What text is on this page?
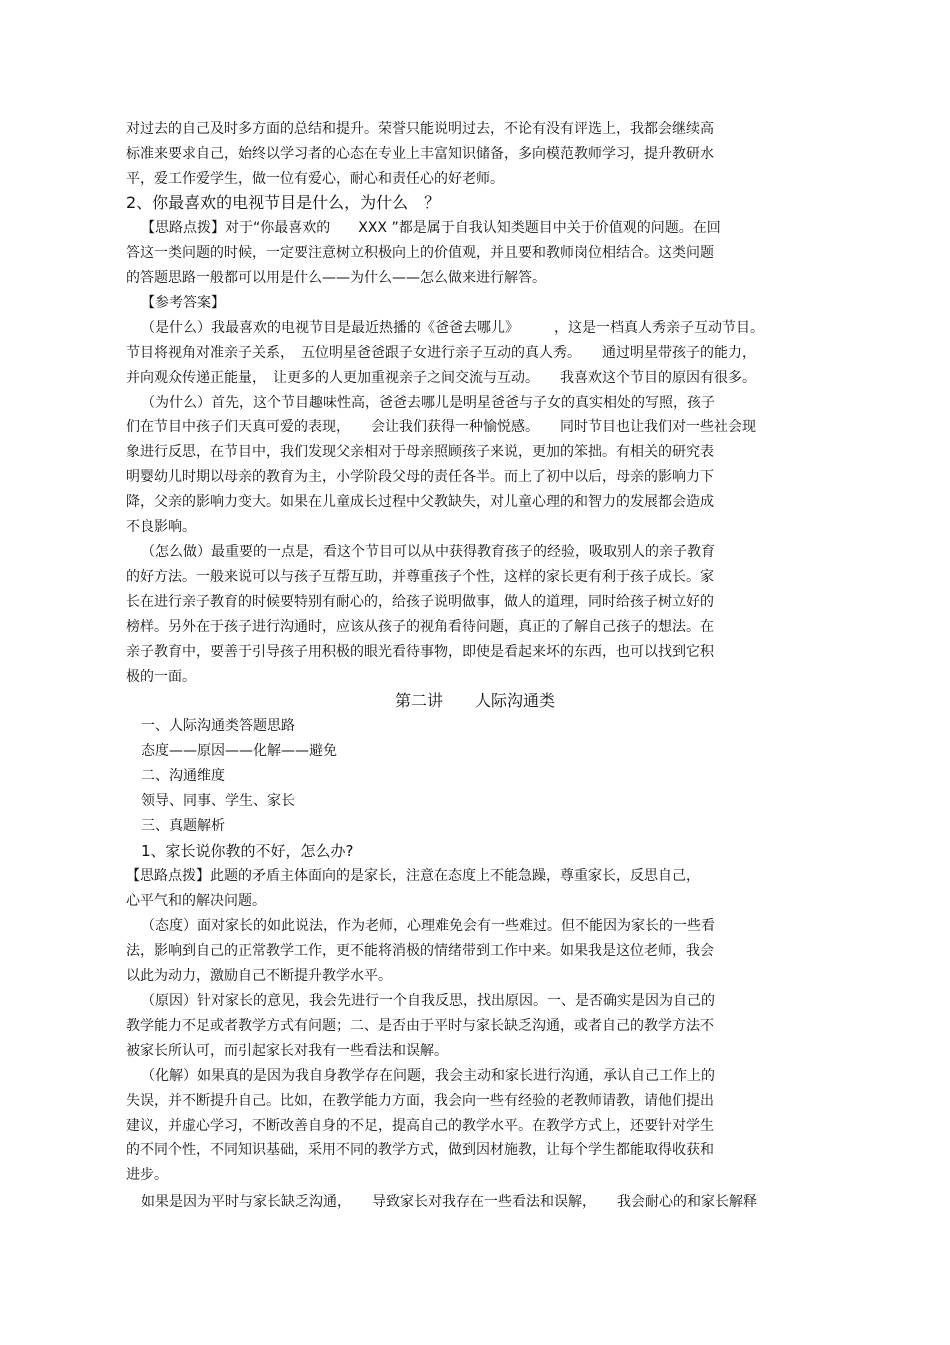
对过去的自己及时多方面的总结和提升。荣誉只能说明过去，不论有没有评选上，我都会继续高
标准来要求自己，始终以学习者的心态在专业上丰富知识储备，多向模范教师学习，提升教研水
平，爱工作爱学生，做一位有爱心，耐心和责任心的好老师。
2、你最喜欢的电视节目是什么，为什么　？
【思路点拨】对于“你最喜欢的　　XXX ”都是属于自我认知类题目中关于价值观的问题。在回
答这一类问题的时候，一定要注意树立积极向上的价值观，并且要和教师岗位相结合。这类问题
的答题思路一般都可以用是什么——为什么——怎么做来进行解答。
【参考答案】
（是什么）我最喜欢的电视节目是最近热播的《爸爸去哪儿》　　　，这是一档真人秀亲子互动节目。
节目将视角对准亲子关系，　五位明星爸爸跟子女进行亲子互动的真人秀。　　通过明星带孩子的能力，
并向观众传递正能量，　让更多的人更加重视亲子之间交流与互动。　　我喜欢这个节目的原因有很多。
（为什么）首先，这个节目趣味性高，爸爸去哪儿是明星爸爸与子女的真实相处的写照，孩子
们在节目中孩子们天真可爱的表现，　　会让我们获得一种愉悦感。　　同时节目也让我们对一些社会现
象进行反思，在节目中，我们发现父亲相对于母亲照顾孩子来说，更加的笨拙。有相关的研究表
明婴幼儿时期以母亲的教育为主，小学阶段父母的责任各半。而上了初中以后，母亲的影响力下
降，父亲的影响力变大。如果在儿童成长过程中父教缺失，对儿童心理的和智力的发展都会造成
不良影响。
（怎么做）最重要的一点是，看这个节目可以从中获得教育孩子的经验，吸取别人的亲子教育
的好方法。一般来说可以与孩子互帮互助，并尊重孩子个性，这样的家长更有利于孩子成长。家
长在进行亲子教育的时候要特别有耐心的，给孩子说明做事，做人的道理，同时给孩子树立好的
榜样。另外在于孩子进行沟通时，应该从孩子的视角看待问题，真正的了解自己孩子的想法。在
亲子教育中，要善于引导孩子用积极的眼光看待事物，即使是看起来坏的东西，也可以找到它积
极的一面。
第二讲　　人际沟通类
一、人际沟通类答题思路
态度——原因——化解——避免
二、沟通维度
领导、同事、学生、家长
三、真题解析
1、家长说你教的不好，怎么办?
【思路点拨】此题的矛盾主体面向的是家长，注意在态度上不能急躁，尊重家长，反思自己，
心平气和的解决问题。
（态度）面对家长的如此说法，作为老师，心理难免会有一些难过。但不能因为家长的一些看
法，影响到自己的正常教学工作，更不能将消极的情绪带到工作中来。如果我是这位老师，我会
以此为动力，激励自己不断提升教学水平。
（原因）针对家长的意见，我会先进行一个自我反思，找出原因。一、是否确实是因为自己的
教学能力不足或者教学方式有问题；二、是否由于平时与家长缺乏沟通，或者自己的教学方法不
被家长所认可，而引起家长对我有一些看法和误解。
（化解）如果真的是因为我自身教学存在问题，我会主动和家长进行沟通，承认自己工作上的
失误，并不断提升自己。比如，在教学能力方面，我会向一些有经验的老教师请教，请他们提出
建议，并虚心学习，不断改善自身的不足，提高自己的教学水平。在教学方式上，还要针对学生
的不同个性，不同知识基础，采用不同的教学方式，做到因材施教，让每个学生都能取得收获和
进步。
如果是因为平时与家长缺乏沟通，　　导致家长对我存在一些看法和误解，　　我会耐心的和家长解释
